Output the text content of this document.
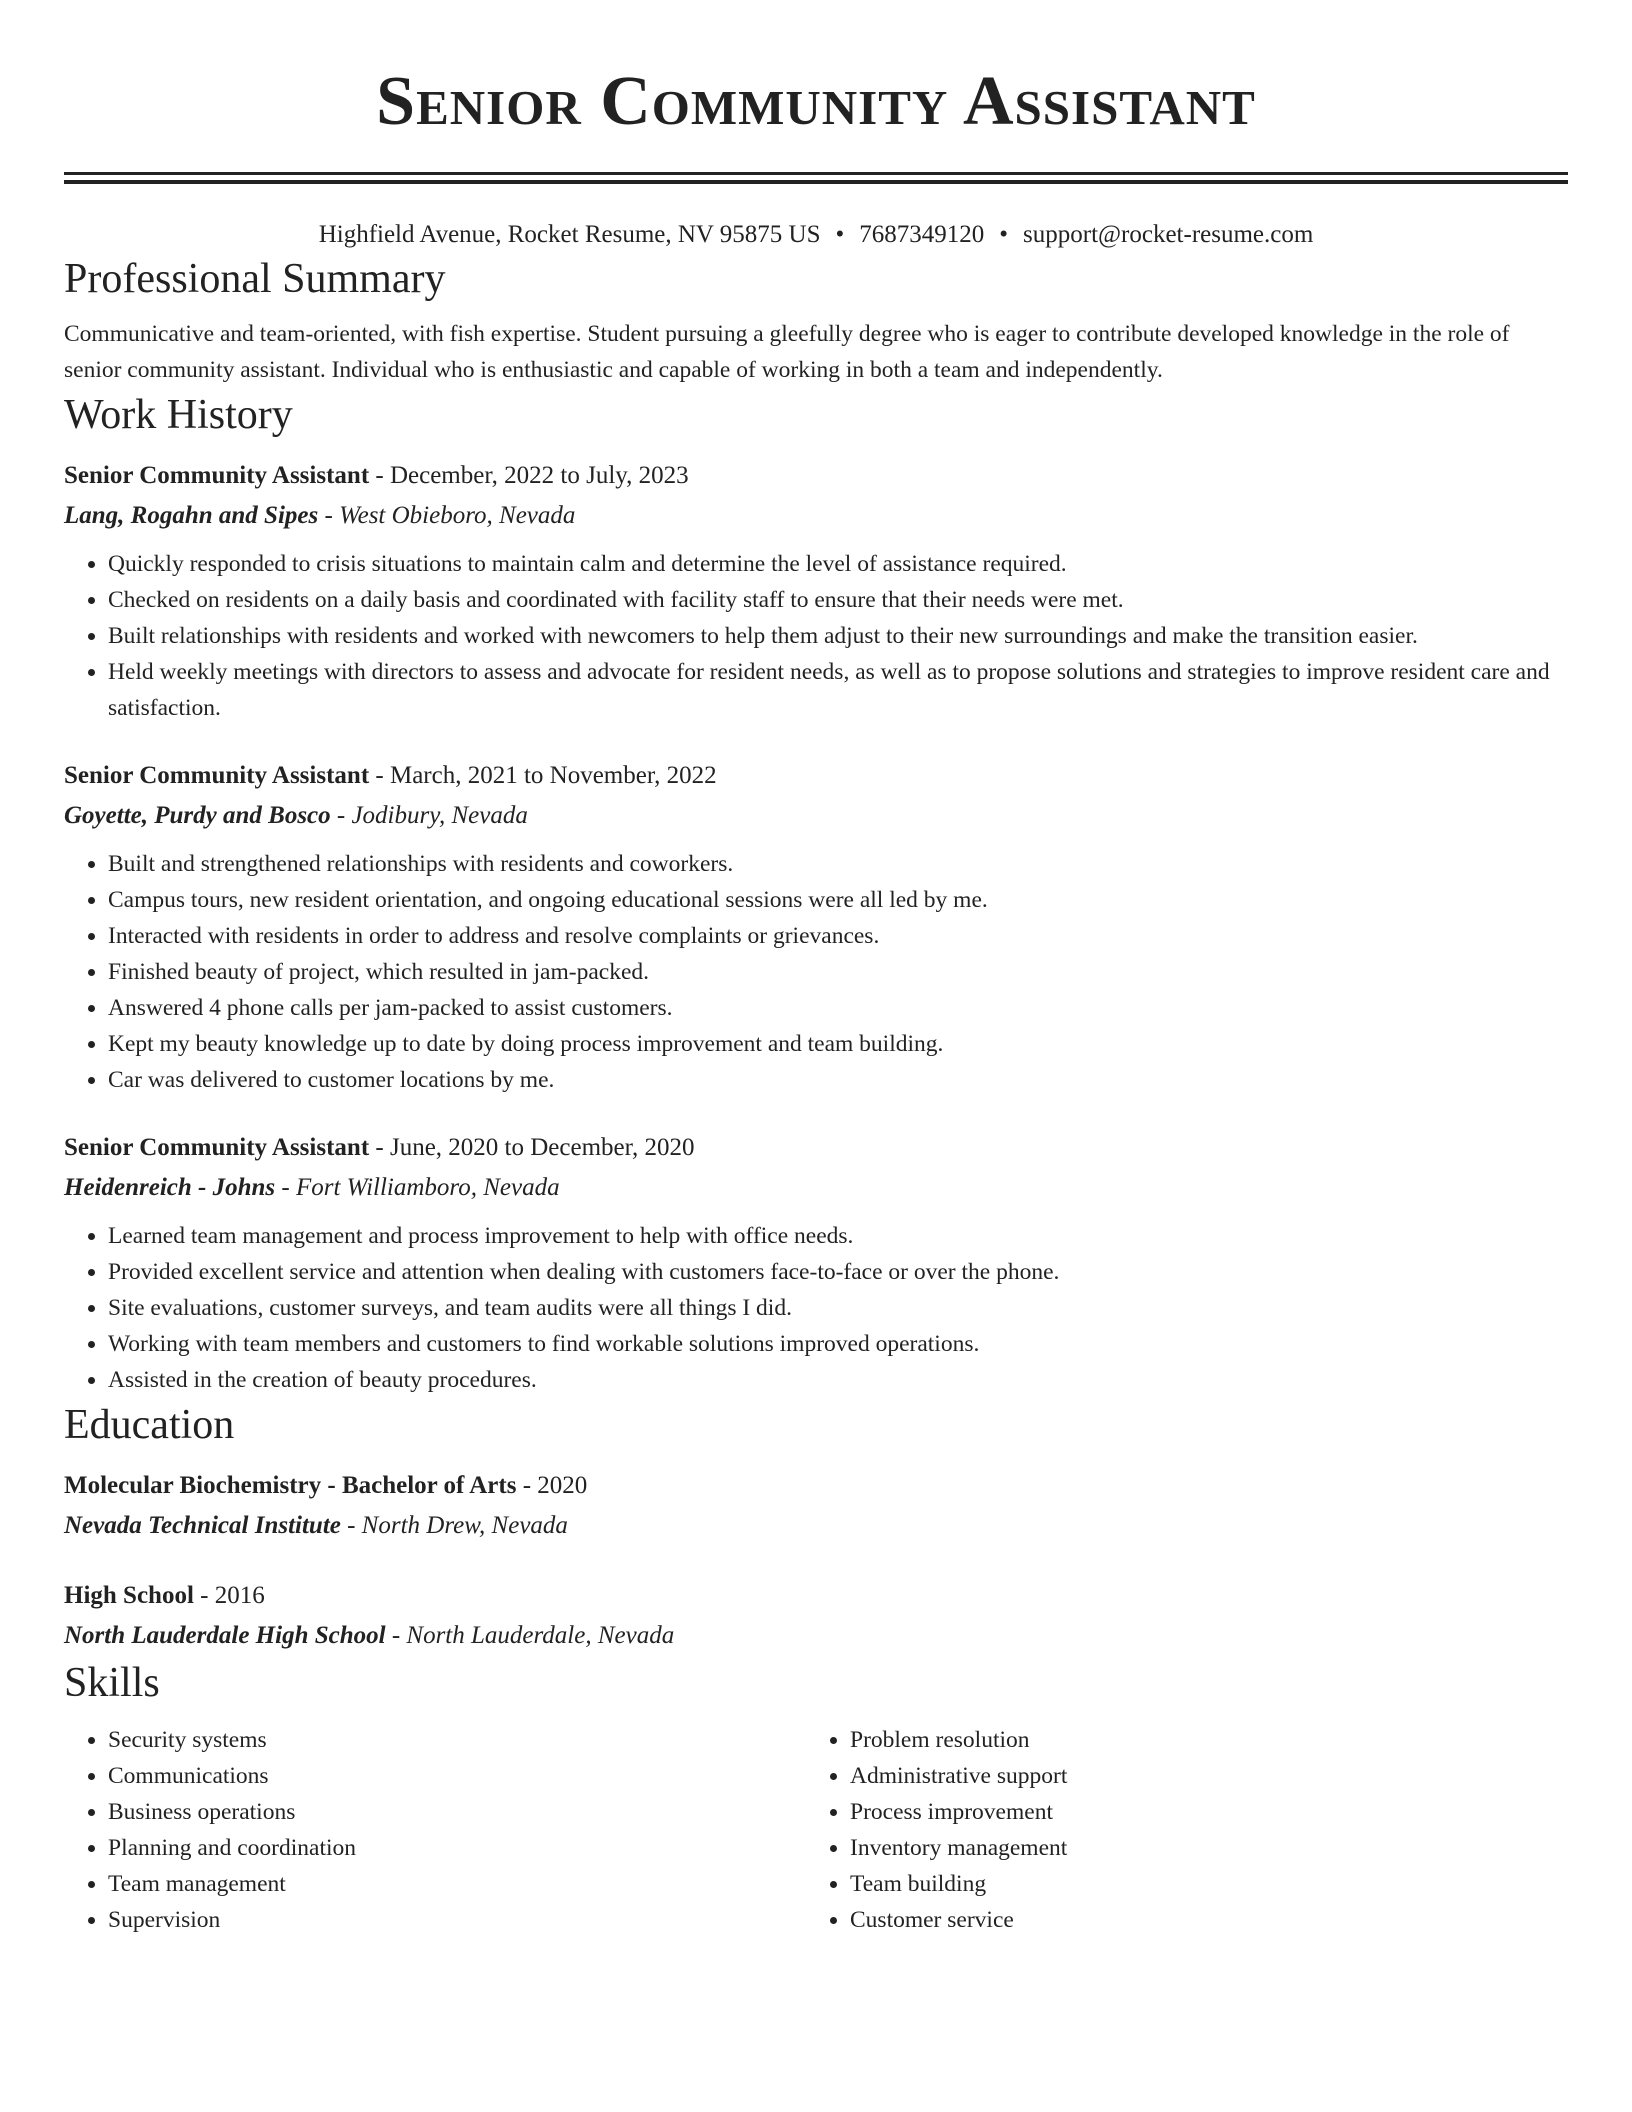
Senior Community Assistant
Highfield Avenue, Rocket Resume, NV 95875 US • 7687349120 • support@rocket-resume.com
Professional Summary

Communicative and team-oriented, with fish expertise. Student pursuing a gleefully degree who is eager to contribute developed knowledge in the role of senior community assistant. Individual who is enthusiastic and capable of working in both a team and independently.

Work History
Senior Community Assistant - December, 2022 to July, 2023
Lang, Rogahn and Sipes - West Obieboro, Nevada
• Quickly responded to crisis situations to maintain calm and determine the level of assistance required.
• Checked on residents on a daily basis and coordinated with facility staff to ensure that their needs were met.
• Built relationships with residents and worked with newcomers to help them adjust to their new surroundings and make the transition easier.
• Held weekly meetings with directors to assess and advocate for resident needs, as well as to propose solutions and strategies to improve resident care and satisfaction.
Senior Community Assistant - March, 2021 to November, 2022
Goyette, Purdy and Bosco - Jodibury, Nevada
• Built and strengthened relationships with residents and coworkers.
• Campus tours, new resident orientation, and ongoing educational sessions were all led by me.
• Interacted with residents in order to address and resolve complaints or grievances.
• Finished beauty of project, which resulted in jam-packed.
• Answered 4 phone calls per jam-packed to assist customers.
• Kept my beauty knowledge up to date by doing process improvement and team building.
• Car was delivered to customer locations by me.
Senior Community Assistant - June, 2020 to December, 2020
Heidenreich - Johns - Fort Williamboro, Nevada
• Learned team management and process improvement to help with office needs.
• Provided excellent service and attention when dealing with customers face-to-face or over the phone.
• Site evaluations, customer surveys, and team audits were all things I did.
• Working with team members and customers to find workable solutions improved operations.
• Assisted in the creation of beauty procedures.
Education
Molecular Biochemistry - Bachelor of Arts - 2020
Nevada Technical Institute - North Drew, Nevada
High School - 2016
North Lauderdale High School - North Lauderdale, Nevada
Skills
• Security systems
• Communications
• Business operations
• Planning and coordination
• Team management
• Supervision
• Problem resolution
• Administrative support
• Process improvement
• Inventory management
• Team building
• Customer service
